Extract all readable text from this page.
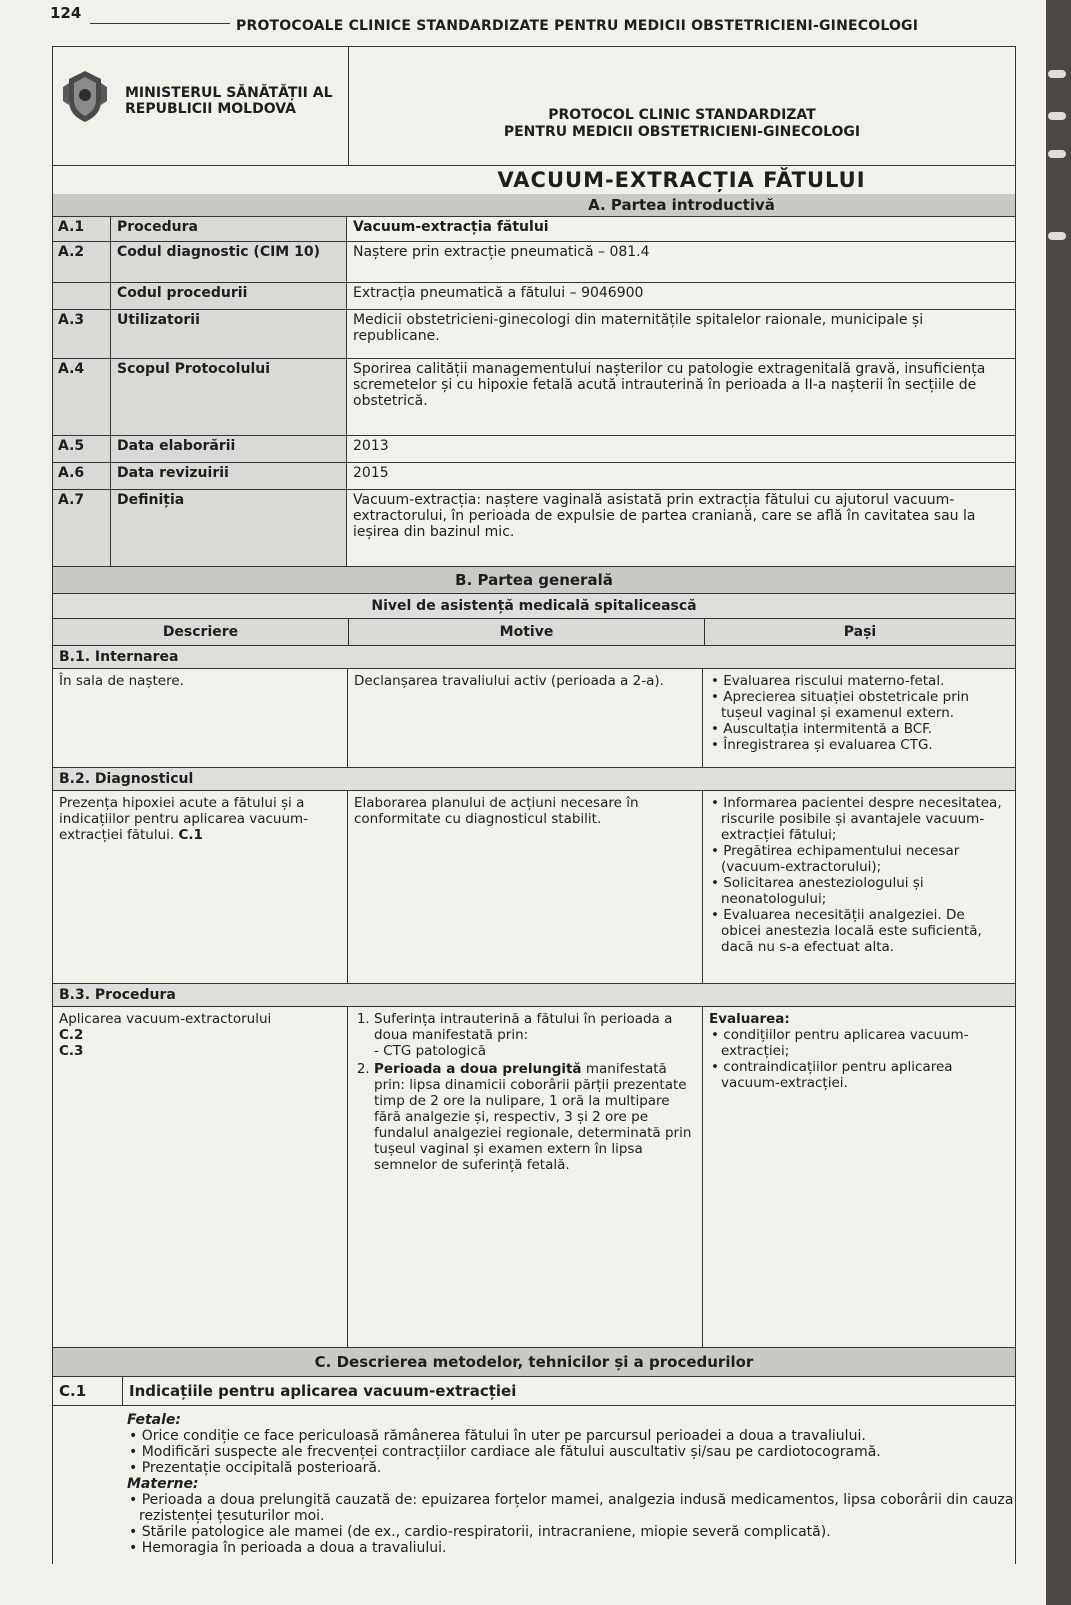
124
PROTOCOALE CLINICE STANDARDIZATE PENTRU MEDICII OBSTETRICIENI-GINECOLOGI
MINISTERUL SĂNĂTĂȚII AL
REPUBLICII MOLDOVA	PROTOCOL CLINIC STANDARDIZAT
PENTRU MEDICII OBSTETRICIENI-GINECOLOGI
VACUUM-EXTRACȚIA FĂTULUI
A. Partea introductivă
A.1	Procedura	Vacuum-extracția fătului
A.2	Codul diagnostic (CIM 10)	Naștere prin extracție pneumatică – 081.4
Codul procedurii	Extracția pneumatică a fătului – 9046900
A.3	Utilizatorii	Medicii obstetricieni-ginecologi din maternitățile spitalelor raionale, municipale și republicane.
A.4	Scopul Protocolului	Sporirea calității managementului nașterilor cu patologie extragenitală gravă, insuficiența scremetelor și cu hipoxie fetală acută intrauterină în perioada a II-a nașterii în secțiile de obstetrică.
A.5	Data elaborării	2013
A.6	Data revizuirii	2015
A.7	Definiția	Vacuum-extracția: naștere vaginală asistată prin extracția fătului cu ajutorul vacuum-extractorului, în perioada de expulsie de partea craniană, care se află în cavitatea sau la ieșirea din bazinul mic.
B. Partea generală
Nivel de asistență medicală spitalicească
Descriere	Motive	Pași
B.1. Internarea
În sala de naștere.	Declanșarea travaliului activ (perioada a 2-a).
•	Evaluarea riscului materno-fetal.
• Aprecierea situației obstetricale prin tușeul vaginal și examenul extern.
• Auscultația intermitentă a BCF.
• Înregistrarea și evaluarea CTG.
B.2. Diagnosticul
Prezența hipoxiei acute a fătului și a indicațiilor pentru aplicarea vacuum-extracției fătului. C.1
Elaborarea planului de acțiuni necesare în conformitate cu diagnosticul stabilit.
• Informarea pacientei despre necesitatea, riscurile posibile și avantajele vacuum-extracției fătului;
• Pregătirea echipamentului necesar (vacuum-extractorului);
• Solicitarea anesteziologului și neonatologului;
• Evaluarea necesității analgeziei. De obicei anestezia locală este suficientă, dacă nu s-a efectuat alta.
B.3. Procedura
Aplicarea vacuum-extractorului
C.2
C.3
1. Suferința intrauterină a fătului în perioada a doua manifestată prin:
- CTG patologică
2. Perioada a doua prelungită manifestată prin: lipsa dinamicii coborârii părții prezentate timp de 2 ore la nulipare, 1 oră la multipare fără analgezie și, respectiv, 3 și 2 ore pe fundalul analgeziei regionale, determinată prin tușeul vaginal și examen extern în lipsa semnelor de suferință fetală.
Evaluarea:
• condițiilor pentru aplicarea vacuum-extracției;
• contraindicațiilor pentru aplicarea vacuum-extracției.
C. Descrierea metodelor, tehnicilor și a procedurilor
C.1	Indicațiile pentru aplicarea vacuum-extracției
Fetale:
• Orice condiție ce face periculoasă rămânerea fătului în uter pe parcursul perioadei a doua a travaliului.
• Modificări suspecte ale frecvenței contracțiilor cardiace ale fătului auscultativ și/sau pe cardiotocogramă.
• Prezentație occipitală posterioară.
Materne:
• Perioada a doua prelungită cauzată de: epuizarea forțelor mamei, analgezia indusă medicamentos, lipsa coborârii din cauza rezistenței țesuturilor moi.
• Stările patologice ale mamei (de ex., cardio-respiratorii, intracraniene, miopie severă complicată).
• Hemoragia în perioada a doua a travaliului.
